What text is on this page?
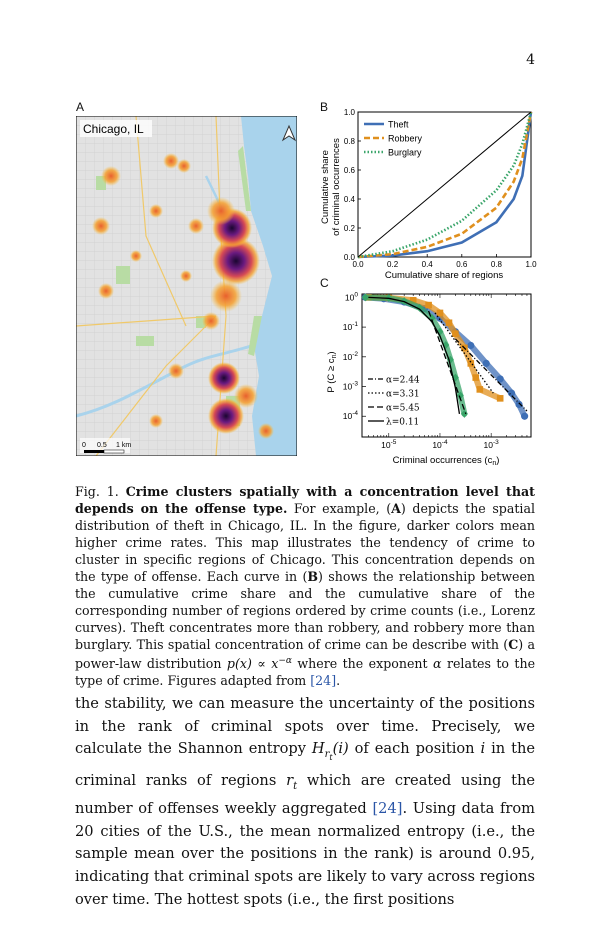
4
A	B
C
Chicago, IL
0 0.5 1 km
0.0	0.2	0.4	0.6	0.8	1.0
0.0
0.2
0.4
0.6
0.8
1.0
Theft
Robbery
Burglary
Cumulative share of regions
Cumulative share of criminal occurrences
$10^{-5}$	$10^{-4}$	$10^{-3}$
$10^0$
$10^{-1}$
$10^{-2}$
$10^{-3}$
$10^{-4}$
α=2.44
α=3.31
α=5.45
λ=0.11
Criminal occurrences $(c_n)$
P $(C \ge c_n)$
Fig. 1. Crime clusters spatially with a concentration level that depends on the offense type. For example, (A) depicts the spatial distribution of theft in Chicago, IL. In the figure, darker colors mean higher crime rates. This map illustrates the tendency of crime to cluster in specific regions of Chicago. This concentration depends on the type of offense. Each curve in (B) shows the relationship between the cumulative crime share and the cumulative share of the corresponding number of regions ordered by crime counts (i.e., Lorenz curves). Theft concentrates more than robbery, and robbery more than burglary. This spatial concentration of crime can be describe with (C) a power-law distribution $p(x) \propto x^{-\alpha}$ where the exponent α relates to the type of crime. Figures adapted from [24].
the stability, we can measure the uncertainty of the positions in the rank of criminal spots over time. Precisely, we calculate the Shannon entropy $H_{r_t}(i)$ of each position i in the criminal ranks of regions $r_t$ which are created using the number of offenses weekly aggregated [24]. Using data from 20 cities of the U.S., the mean normalized entropy (i.e., the sample mean over the positions in the rank) is around 0.95, indicating that criminal spots are likely to vary across regions over time. The hottest spots (i.e., the first positions
